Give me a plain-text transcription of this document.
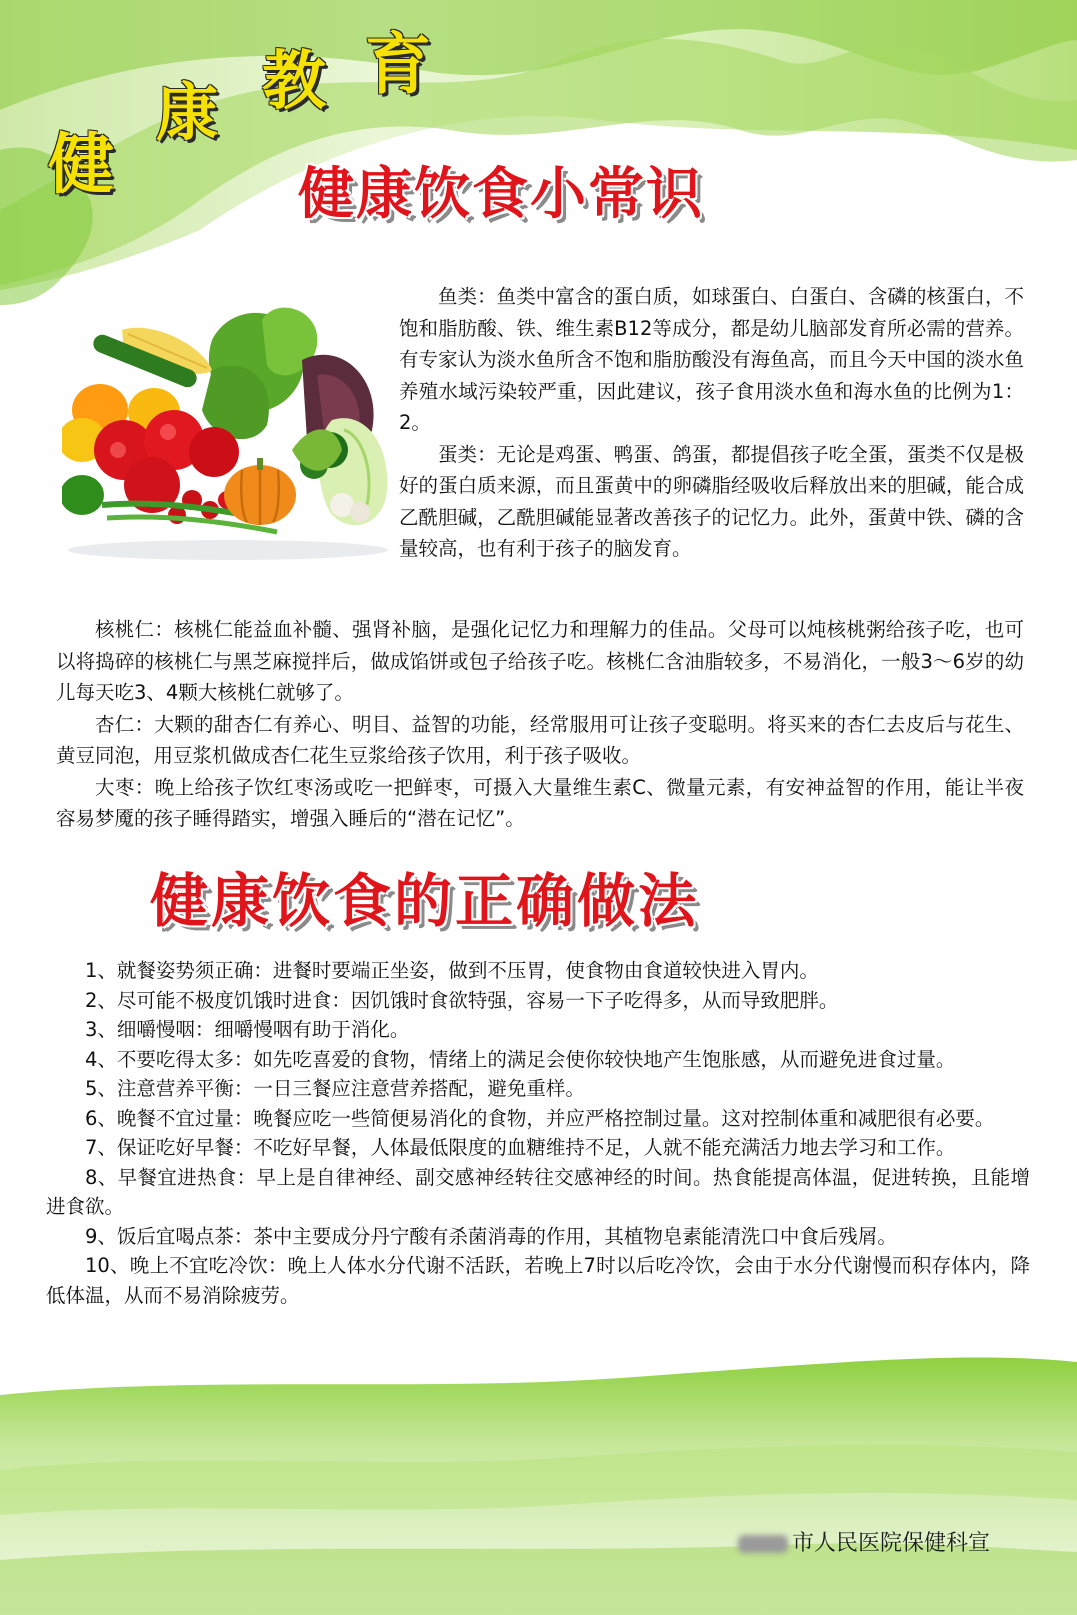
健
康 教 育
健康饮食小常识

鱼类：鱼类中富含的蛋白质，如球蛋白、白蛋白、含磷的核蛋白，不饱和脂肪酸、铁、维生素B12等成分，都是幼儿脑部发育所必需的营养。有专家认为淡水鱼所含不饱和脂肪酸没有海鱼高，而且今天中国的淡水鱼养殖水域污染较严重，因此建议，孩子食用淡水鱼和海水鱼的比例为1：2。

蛋类：无论是鸡蛋、鸭蛋、鸽蛋，都提倡孩子吃全蛋，蛋类不仅是极好的蛋白质来源，而且蛋黄中的卵磷脂经吸收后释放出来的胆碱，能合成乙酰胆碱，乙酰胆碱能显著改善孩子的记忆力。此外，蛋黄中铁、磷的含量较高，也有利于孩子的脑发育。

核桃仁：核桃仁能益血补髓、强肾补脑，是强化记忆力和理解力的佳品。父母可以炖核桃粥给孩子吃，也可以将捣碎的核桃仁与黑芝麻搅拌后，做成馅饼或包子给孩子吃。核桃仁含油脂较多，不易消化，一般3～6岁的幼儿每天吃3、4颗大核桃仁就够了。

杏仁：大颗的甜杏仁有养心、明目、益智的功能，经常服用可让孩子变聪明。将买来的杏仁去皮后与花生、黄豆同泡，用豆浆机做成杏仁花生豆浆给孩子饮用，利于孩子吸收。

大枣：晚上给孩子饮红枣汤或吃一把鲜枣，可摄入大量维生素C、微量元素，有安神益智的作用，能让半夜容易梦魇的孩子睡得踏实，增强入睡后的“潜在记忆”。

健康饮食的正确做法

1、就餐姿势须正确：进餐时要端正坐姿，做到不压胃，使食物由食道较快进入胃内。

2、尽可能不极度饥饿时进食：因饥饿时食欲特强，容易一下子吃得多，从而导致肥胖。

3、细嚼慢咽：细嚼慢咽有助于消化。

4、不要吃得太多：如先吃喜爱的食物，情绪上的满足会使你较快地产生饱胀感，从而避免进食过量。

5、注意营养平衡：一日三餐应注意营养搭配，避免重样。

6、晚餐不宜过量：晚餐应吃一些简便易消化的食物，并应严格控制过量。这对控制体重和减肥很有必要。

7、保证吃好早餐：不吃好早餐，人体最低限度的血糖维持不足，人就不能充满活力地去学习和工作。

8、早餐宜进热食：早上是自律神经、副交感神经转往交感神经的时间。热食能提高体温，促进转换，且能增进食欲。

9、饭后宜喝点茶：茶中主要成分丹宁酸有杀菌消毒的作用，其植物皂素能清洗口中食后残屑。

10、晚上不宜吃冷饮：晚上人体水分代谢不活跃，若晚上7时以后吃冷饮，会由于水分代谢慢而积存体内，降低体温，从而不易消除疲劳。

市人民医院保健科宣
